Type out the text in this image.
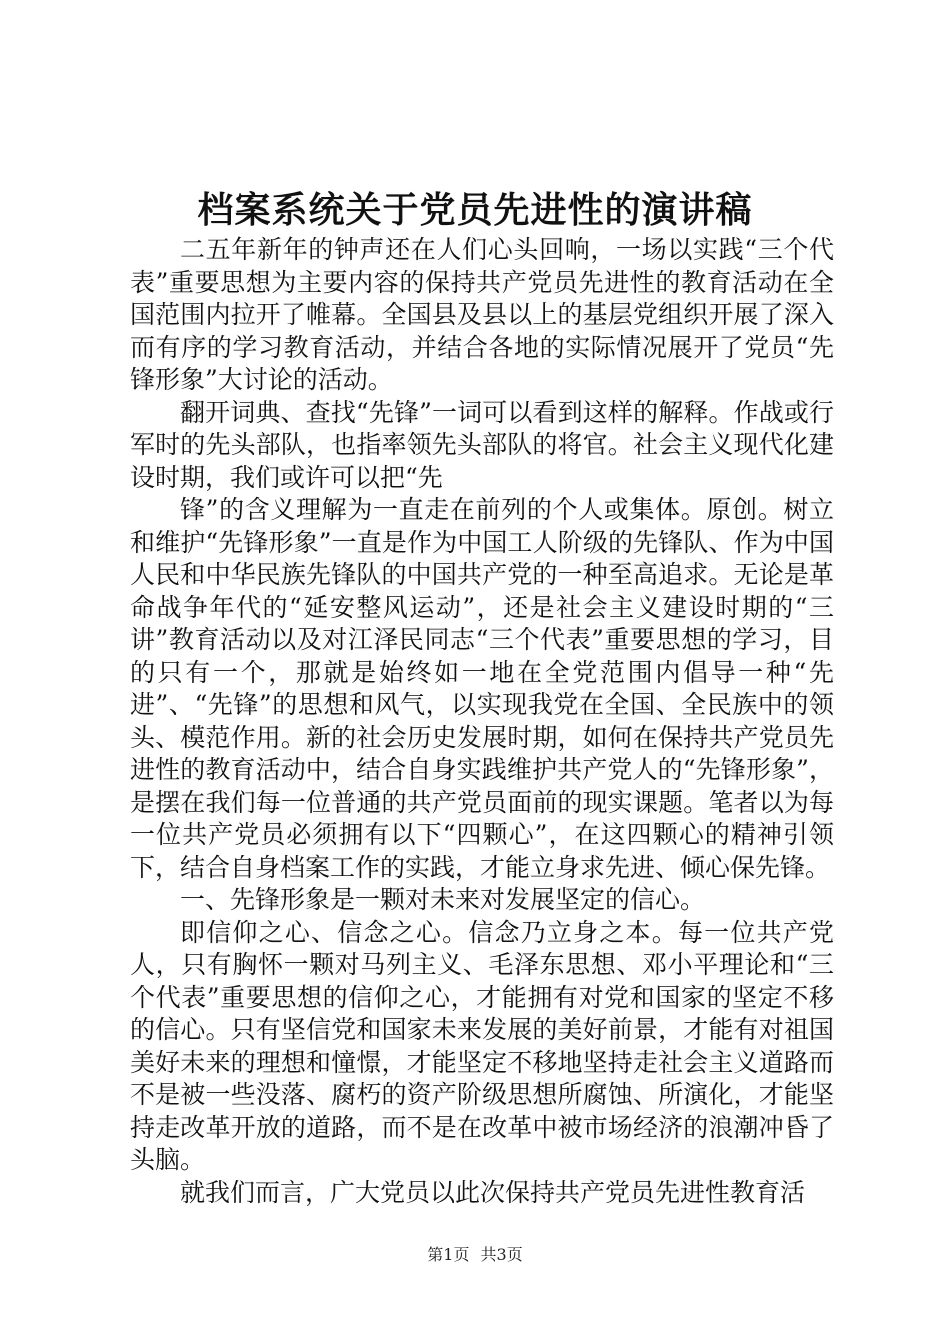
档案系统关于党员先进性的演讲稿

二五年新年的钟声还在人们心头回响，一场以实践“三个代表”重要思想为主要内容的保持共产党员先进性的教育活动在全国范围内拉开了帷幕。全国县及县以上的基层党组织开展了深入而有序的学习教育活动，并结合各地的实际情况展开了党员“先锋形象”大讨论的活动。

翻开词典、查找“先锋”一词可以看到这样的解释。作战或行军时的先头部队，也指率领先头部队的将官。社会主义现代化建设时期，我们或许可以把“先

锋”的含义理解为一直走在前列的个人或集体。原创。树立和维护“先锋形象”一直是作为中国工人阶级的先锋队、作为中国人民和中华民族先锋队的中国共产党的一种至高追求。无论是革命战争年代的“延安整风运动”，还是社会主义建设时期的“三讲”教育活动以及对江泽民同志“三个代表”重要思想的学习，目的只有一个，那就是始终如一地在全党范围内倡导一种“先进”、“先锋”的思想和风气，以实现我党在全国、全民族中的领头、模范作用。新的社会历史发展时期，如何在保持共产党员先进性的教育活动中，结合自身实践维护共产党人的“先锋形象”，是摆在我们每一位普通的共产党员面前的现实课题。笔者以为每一位共产党员必须拥有以下“四颗心”，在这四颗心的精神引领下，结合自身档案工作的实践，才能立身求先进、倾心保先锋。

一、先锋形象是一颗对未来对发展坚定的信心。

即信仰之心、信念之心。信念乃立身之本。每一位共产党人，只有胸怀一颗对马列主义、毛泽东思想、邓小平理论和“三个代表”重要思想的信仰之心，才能拥有对党和国家的坚定不移的信心。只有坚信党和国家未来发展的美好前景，才能有对祖国美好未来的理想和憧憬，才能坚定不移地坚持走社会主义道路而不是被一些没落、腐朽的资产阶级思想所腐蚀、所演化，才能坚持走改革开放的道路，而不是在改革中被市场经济的浪潮冲昏了头脑。

就我们而言，广大党员以此次保持共产党员先进性教育活

第1页 共3页
